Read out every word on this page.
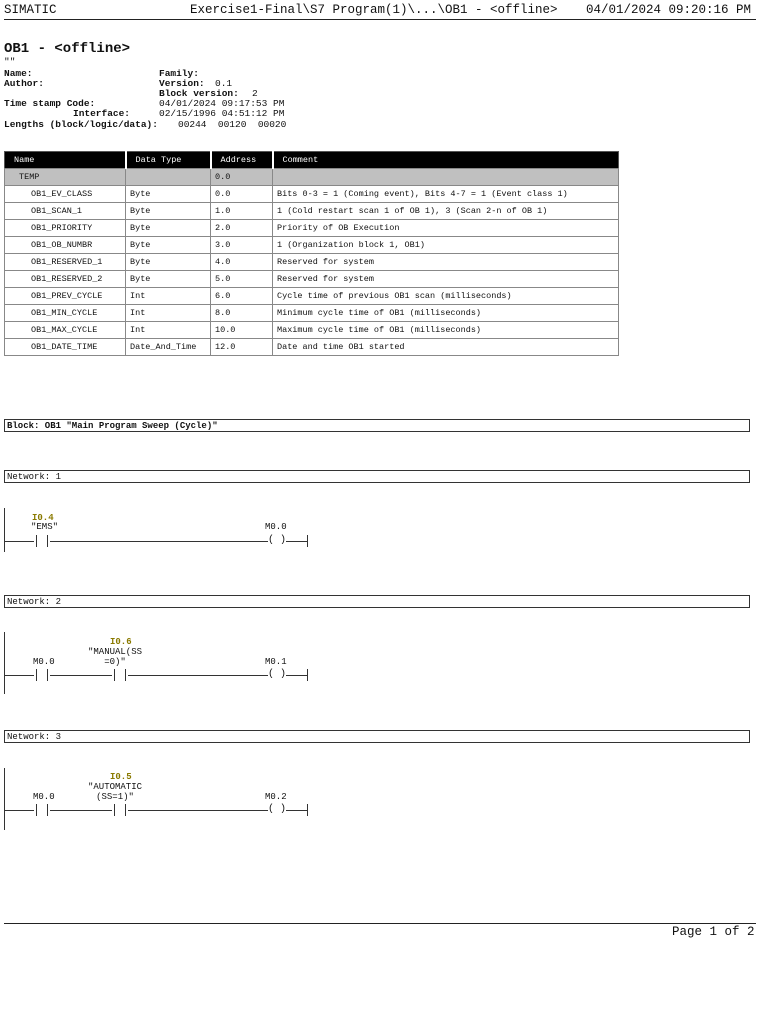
SIMATIC	Exercise1-Final\S7 Program(1)\...\OB1 - <offline> 04/01/2024 09:20:16 PM
OB1 - <offline>
""
Name:
Author:
Family:
Version: 0.1
Block version: 2
Time stamp Code:	04/01/2024 09:17:53 PM
Interface:	02/15/1996 04:51:12 PM
Lengths (block/logic/data): 00244  00120  00020
Name	Data Type	Address	Comment
TEMP		0.0	
OB1_EV_CLASS	Byte	0.0	Bits 0-3 = 1 (Coming event), Bits 4-7 = 1 (Event class 1)
OB1_SCAN_1	Byte	1.0	1 (Cold restart scan 1 of OB 1), 3 (Scan 2-n of OB 1)
OB1_PRIORITY	Byte	2.0	Priority of OB Execution
OB1_OB_NUMBR	Byte	3.0	1 (Organization block 1, OB1)
OB1_RESERVED_1	Byte	4.0	Reserved for system
OB1_RESERVED_2	Byte	5.0	Reserved for system
OB1_PREV_CYCLE	Int	6.0	Cycle time of previous OB1 scan (milliseconds)
OB1_MIN_CYCLE	Int	8.0	Minimum cycle time of OB1 (milliseconds)
OB1_MAX_CYCLE	Int	10.0	Maximum cycle time of OB1 (milliseconds)
OB1_DATE_TIME	Date_And_Time	12.0	Date and time OB1 started
Block: OB1 "Main Program Sweep (Cycle)"
Network: 1
I0.4
"EMS"

	M0.0
( )
Network: 2
I0.6
"MANUAL(SS
=0)"
M0.0

	M0.1
( )
Network: 3
I0.5
"AUTOMATIC
(SS=1)"
M0.0

	M0.2
( )
Page 1 of 2
